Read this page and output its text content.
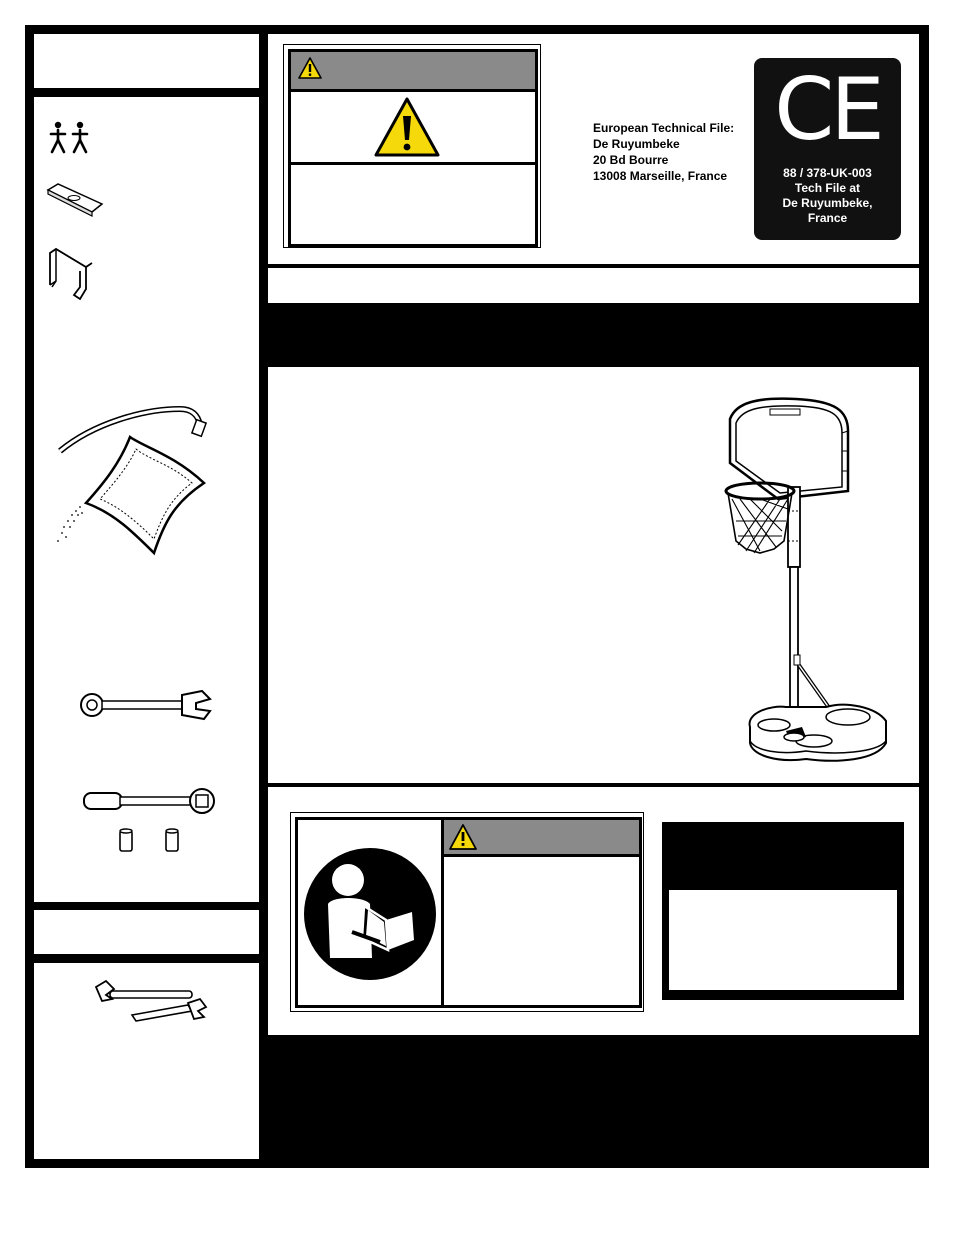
European Technical File:
De Ruyumbeke
20 Bd Bourre
13008 Marseille, France
CE
88 / 378-UK-003
Tech File at
De Ruyumbeke,
France
